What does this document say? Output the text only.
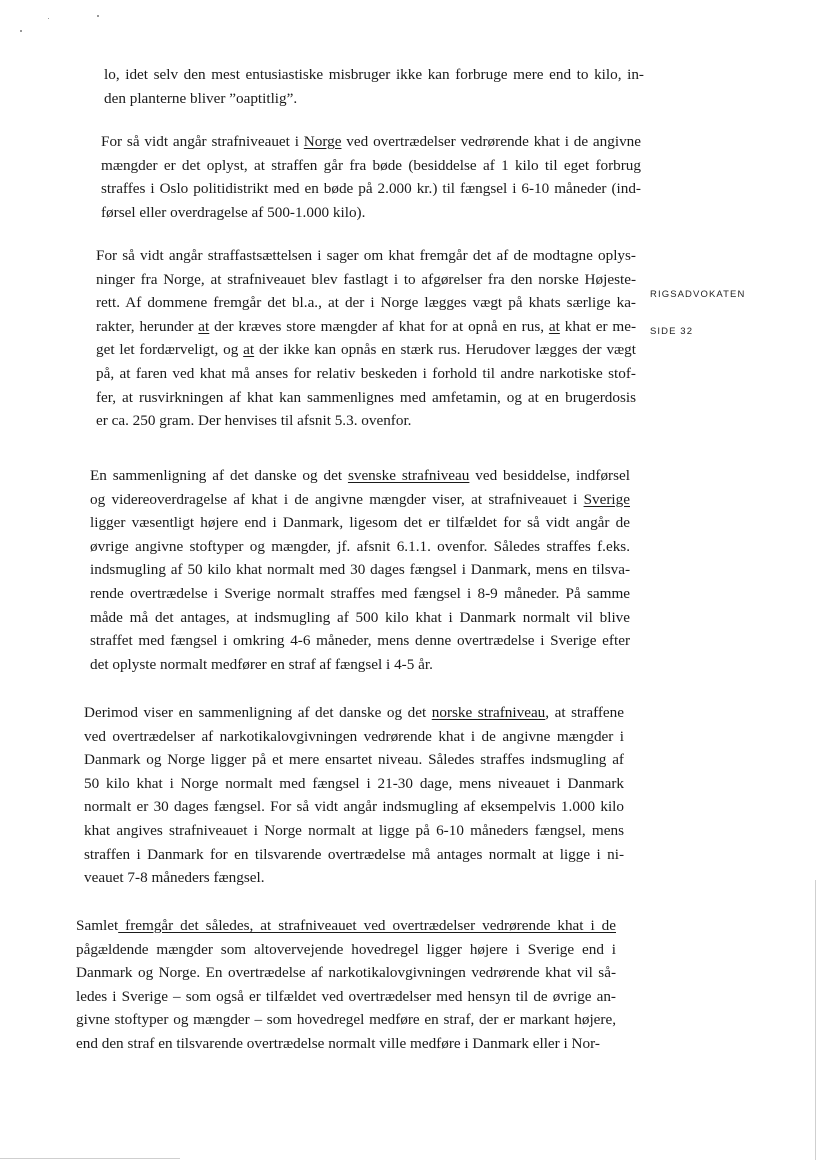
RIGSADVOKATEN
SIDE 32
lo, idet selv den mest entusiastiske misbruger ikke kan forbruge mere end to kilo, in-
den planterne bliver ”oaptitlig”.
For så vidt angår strafniveauet i Norge ved overtrædelser vedrørende khat i de angivne
mængder er det oplyst, at straffen går fra bøde (besiddelse af 1 kilo til eget forbrug
straffes i Oslo politidistrikt med en bøde på 2.000 kr.) til fængsel i 6-10 måneder (ind-
førsel eller overdragelse af 500-1.000 kilo).
For så vidt angår straffastsættelsen i sager om khat fremgår det af de modtagne oplys-
ninger fra Norge, at strafniveauet blev fastlagt i to afgørelser fra den norske Højeste-
rett. Af dommene fremgår det bl.a., at der i Norge lægges vægt på khats særlige ka-
rakter, herunder at der kræves store mængder af khat for at opnå en rus, at khat er me-
get let fordærveligt, og at der ikke kan opnås en stærk rus. Herudover lægges der vægt
på, at faren ved khat må anses for relativ beskeden i forhold til andre narkotiske stof-
fer, at rusvirkningen af khat kan sammenlignes med amfetamin, og at en brugerdosis
er ca. 250 gram. Der henvises til afsnit 5.3. ovenfor.
En sammenligning af det danske og det svenske strafniveau ved besiddelse, indførsel
og videreoverdragelse af khat i de angivne mængder viser, at strafniveauet i Sverige
ligger væsentligt højere end i Danmark, ligesom det er tilfældet for så vidt angår de
øvrige angivne stoftyper og mængder, jf. afsnit 6.1.1. ovenfor. Således straffes f.eks.
indsmugling af 50 kilo khat normalt med 30 dages fængsel i Danmark, mens en tilsva-
rende overtrædelse i Sverige normalt straffes med fængsel i 8-9 måneder. På samme
måde må det antages, at indsmugling af 500 kilo khat i Danmark normalt vil blive
straffet med fængsel i omkring 4-6 måneder, mens denne overtrædelse i Sverige efter
det oplyste normalt medfører en straf af fængsel i 4-5 år.
Derimod viser en sammenligning af det danske og det norske strafniveau, at straffene
ved overtrædelser af narkotikalovgivningen vedrørende khat i de angivne mængder i
Danmark og Norge ligger på et mere ensartet niveau. Således straffes indsmugling af
50 kilo khat i Norge normalt med fængsel i 21-30 dage, mens niveauet i Danmark
normalt er 30 dages fængsel. For så vidt angår indsmugling af eksempelvis 1.000 kilo
khat angives strafniveauet i Norge normalt at ligge på 6-10 måneders fængsel, mens
straffen i Danmark for en tilsvarende overtrædelse må antages normalt at ligge i ni-
veauet 7-8 måneders fængsel.
Samlet fremgår det således, at strafniveauet ved overtrædelser vedrørende khat i de
pågældende mængder som altovervejende hovedregel ligger højere i Sverige end i
Danmark og Norge. En overtrædelse af narkotikalovgivningen vedrørende khat vil så-
ledes i Sverige – som også er tilfældet ved overtrædelser med hensyn til de øvrige an-
givne stoftyper og mængder – som hovedregel medføre en straf, der er markant højere,
end den straf en tilsvarende overtrædelse normalt ville medføre i Danmark eller i Nor-
